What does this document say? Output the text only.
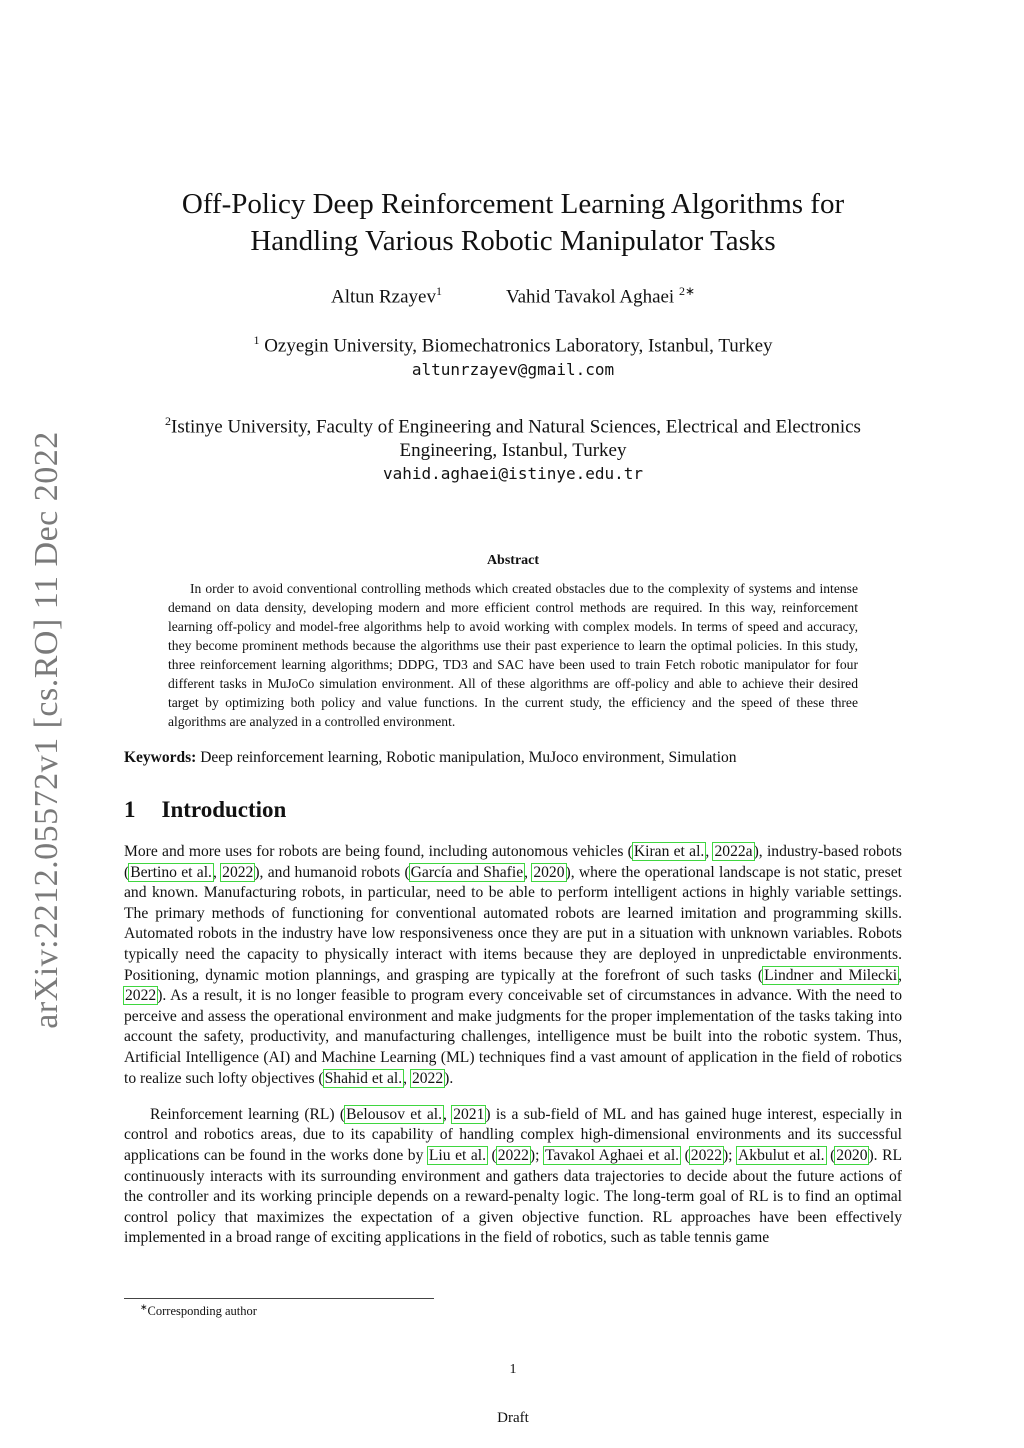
arXiv:2212.05572v1 [cs.RO] 11 Dec 2022
Off-Policy Deep Reinforcement Learning Algorithms for
Handling Various Robotic Manipulator Tasks
Altun Rzayev$^1$	Vahid Tavakol Aghaei $^{2∗}$
$^1$ Ozyegin University, Biomechatronics Laboratory, Istanbul, Turkey
altunrzayev@gmail.com
$^2$Istinye University, Faculty of Engineering and Natural Sciences, Electrical and Electronics Engineering, Istanbul, Turkey
vahid.aghaei@istinye.edu.tr
Abstract

In order to avoid conventional controlling methods which created obstacles due to the complexity of systems and intense demand on data density, developing modern and more efficient control methods are required. In this way, reinforcement learning off-policy and model-free algorithms help to avoid working with complex models. In terms of speed and accuracy, they become prominent methods because the algorithms use their past experience to learn the optimal policies. In this study, three reinforcement learning algorithms; DDPG, TD3 and SAC have been used to train Fetch robotic manipulator for four different tasks in MuJoCo simulation environment. All of these algorithms are off-policy and able to achieve their desired target by optimizing both policy and value functions. In the current study, the efficiency and the speed of these three algorithms are analyzed in a controlled environment.

Keywords: Deep reinforcement learning, Robotic manipulation, MuJoco environment, Simulation
1 Introduction

More and more uses for robots are being found, including autonomous vehicles (Kiran et al., 2022a), industry-based robots (Bertino et al., 2022), and humanoid robots (García and Shafie, 2020), where the operational landscape is not static, preset and known. Manufacturing robots, in particular, need to be able to perform intelligent actions in highly variable settings. The primary methods of functioning for conventional automated robots are learned imitation and programming skills. Automated robots in the industry have low responsiveness once they are put in a situation with unknown variables. Robots typically need the capacity to physically interact with items because they are deployed in unpredictable environments. Positioning, dynamic motion plannings, and grasping are typically at the forefront of such tasks (Lindner and Milecki, 2022). As a result, it is no longer feasible to program every conceivable set of circumstances in advance. With the need to perceive and assess the operational environment and make judgments for the proper implementation of the tasks taking into account the safety, productivity, and manufacturing challenges, intelligence must be built into the robotic system. Thus, Artificial Intelligence (AI) and Machine Learning (ML) techniques find a vast amount of application in the field of robotics to realize such lofty objectives (Shahid et al., 2022).

Reinforcement learning (RL) (Belousov et al., 2021) is a sub-field of ML and has gained huge interest, especially in control and robotics areas, due to its capability of handling complex high-dimensional environments and its successful applications can be found in the works done by Liu et al. (2022); Tavakol Aghaei et al. (2022); Akbulut et al. (2020). RL continuously interacts with its surrounding environment and gathers data trajectories to decide about the future actions of the controller and its working principle depends on a reward-penalty logic. The long-term goal of RL is to find an optimal control policy that maximizes the expectation of a given objective function. RL approaches have been effectively implemented in a broad range of exciting applications in the field of robotics, such as table tennis game

∗Corresponding author
1
Draft
